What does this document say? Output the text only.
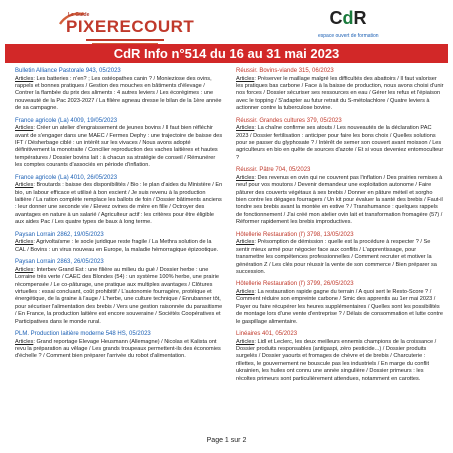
Le Guide
PIXERECOURT	CdR
espace ouvert de formation
CdR Info n°514 du 16 au 31 mai 2023
Bulletin Alliance Pastorale 943, 05/2023
Articles: Les batteries : n'en? ; Les ostéopathes canin ? / Monieziose des ovins, rappels et bonnes pratiques / Gestion des mouches en bâtiments d'élevage / Contrer la flambée du prix des aliments : 4 autres leviers / Les écorégimes : une nouveauté de la Pac 2023-2027 / La filière agneau dresse le bilan de la 1ère année de sa campagne.
France agricole (La) 4009, 19/05/2023
Articles: Créer un atelier d'engraissement de jeunes bovins / Il faut bien réfléchir avant de s'engager dans une MAEC / Fermes Dephy : une trajectoire de baisse des IFT / Désherbage ciblé : un intérêt sur les vivaces / Nous avons adopté définitivement la monotraite / Concilier reproduction des vaches laitières et hautes températures / Dossier bovins lait : à chacun sa stratégie de conseil / Rémunérer les comptes courants d'associés en période d'inflation.
France agricole (La) 4010, 26/05/2023
Articles: Broutards : baisse des disponibilités / Bio : le plan d'aides du Ministère / En bio, un labour efficace et utilisé à bon escient / Je suis revenu à la production laitière / La ration complète remplace les ballots de foin / Dossier bâtiments anciens : leur donner une seconde vie / Elevez ovines de mère en fille / Octroyer des avantages en nature à un salarié / Agriculteur actif : les critères pour être éligible aux aides Pac / Les quatre types de baux à long terme.
Paysan Lorrain 2862, 19/05/2023
Articles: Agrivoltaïsme : le socle juridique reste fragile / La Methra solution de la CAL / Bovins : un virus nouveau en Europe, la maladie hémorragique épizootique.
Paysan Lorrain 2863, 26/05/2023
Articles: Interbev Grand Est : une filière au milieu du gué / Dossier herbe : une Lorraine très verte / CAEC des Blondes (54) : un système 100% herbe, une prairie récompensée / Le co-pâturage, une pratique aux multiples avantages / Clôtures virtuelles : essai concluant, coût prohibitif / L'autonomie fourragère, protéique et énergétique, de la graine à l'auge / L'herbe, une culture technique / Enrubanner tôt, pour sécuriser l'alimentation des brebis / Vers une gestion raisonnée du parasitisme / En France, la production laitière est encore souveraine / Sociétés Coopératives et Participatives dans le monde rural.
PLM. Production laitière moderne 548 HS, 05/2023
Articles: Grand reportage Elevage Heusmann (Allemagne) / Nicolas et Kalista ont revu la préparation au vêlage / Les grands troupeaux permettent-ils des économies d'échelle ? / Comment bien préparer l'arrivée du robot d'alimentation.
Réussir. Bovins-viande 315, 06/2023
Articles: Préserver le maillage malgré les difficultés des abattoirs / Il faut valoriser les pratiques bas carbone / Face à la baisse de production, nous avons choisi d'unir nos forces / Dossier sécuriser ses ressources en eau / Gérer les refus et l'épiaison avec le topping / S'adapter au futur retrait du S-métolachlore / Quatre leviers à actionner contre la tuberculose bovine.
Réussir. Grandes cultures 379, 05/2023
Articles: La chaîne confirme ses atouts / Les nouveautés de la déclaration PAC 2023 / Dossier fertilisation : anticiper pour faire les bons choix / Quelles solutions pour se passer du glyphosate ? / Intérêt de semer son couvert avant moisson / Les agriculteurs en bio en quête de sources d'azote / Et si vous deveniez entomoculteur ?
Réussir. Pâtre 704, 05/2023
Articles: Des revenus en ovin qui ne couvrent pas l'inflation / Des prairies remises à neuf pour vos moutons / Devenir demandeur une exploitation autonome / Faire pâturer des couverts végétaux à ses brebis / Donner en pâture méteil et sorgho bien contre les dégages fourragers / Un kit pour évaluer la santé des brebis / Faut-il tondre ses brebis avant la montée en estive ? / Transhumance : quelques rappels de fonctionnement / J'ai créé mon atelier ovin lait et transformation fromagère (57) / Réformer rapidement les brebis improductives.
Hôtellerie Restauration (l') 3798, 13/05/2023
Articles: Présomption de démission : quelle est la procédure à respecter ? / Se sentir mieux armé pour négocier face aux conflits / L'apprentissage, pour transmettre les compétences professionnelles / Comment recruter et motiver la génération Z / Les clés pour réussir la vente de son commerce / Bien préparer sa succession.
Hôtellerie Restauration (l') 3799, 26/05/2023
Articles: La restauration rapide gagne du terrain / A quoi sert le Resto-Score ? / Comment réduire son empreinte carbone / Smic des apprentis au 1er mai 2023 / Payer ou faire récupérer les heures supplémentaires / Quelles sont les possibilités de montage lors d'une vente d'entreprise ? / Délais de consommation et lutte contre le gaspillage alimentaire.
Linéaires 401, 05/2023
Articles: Lidl et Leclerc, les deux meilleurs ennemis champions de la croissance / Dossier produits responsables (antigaspi, zéro pesticide...) / Dossier produits surgelés / Dossier yaourts et fromages de chèvre et de brebis / Charcuterie : rillettes, le gouvernement ne bouscule pas les industriels / En marge du conflit ukrainien, les huiles ont connu une année singulière / Dossier primeurs : les récoltes primeurs sont particulièrement attendues, notamment en carottes.
Page 1 sur 2
